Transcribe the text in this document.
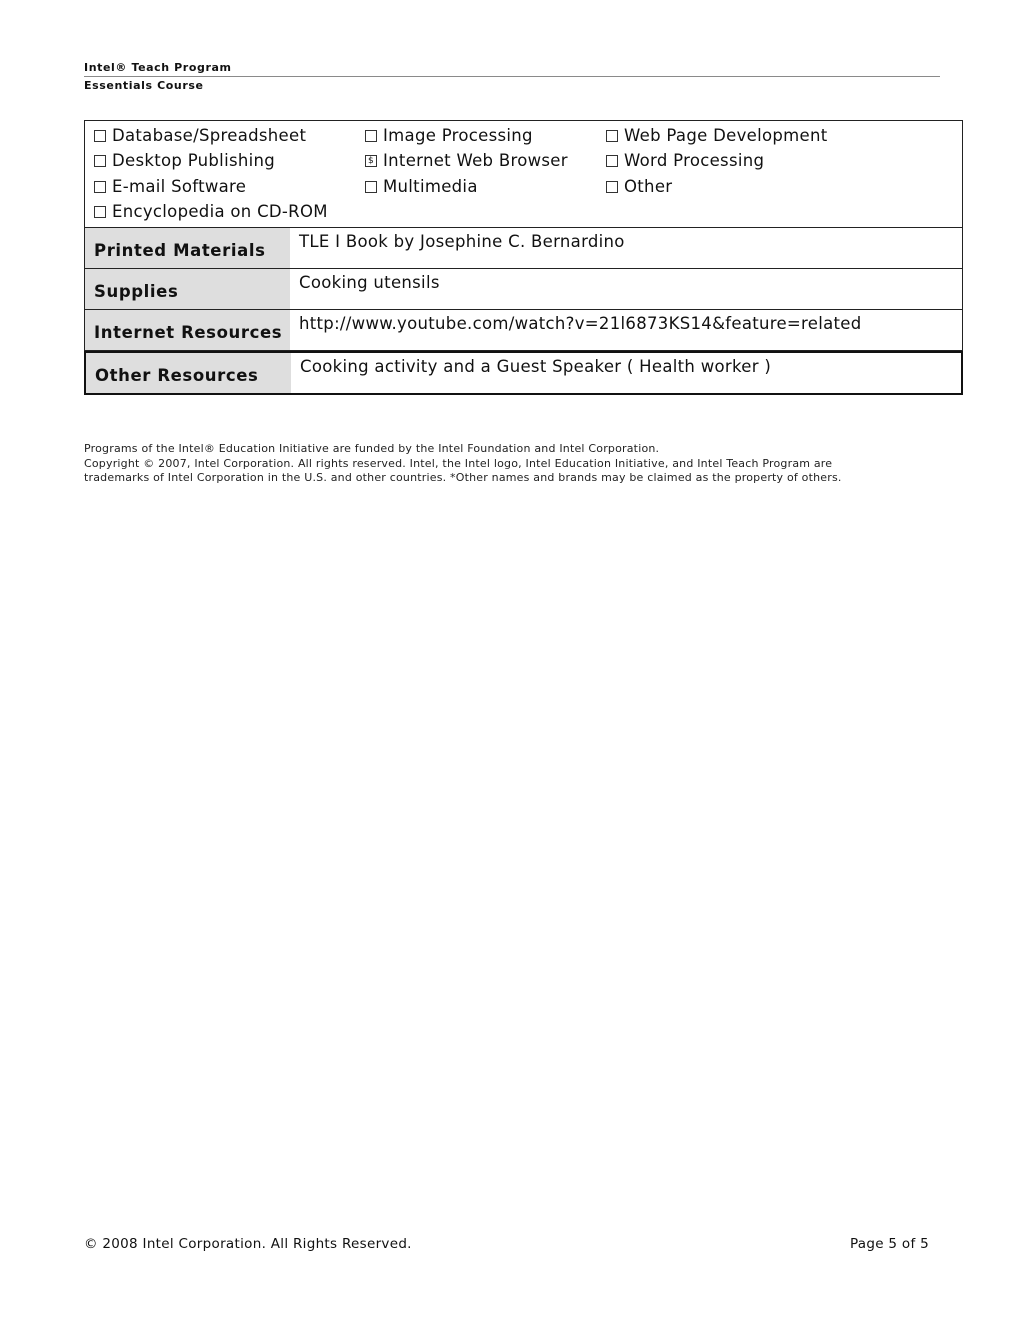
Intel® Teach Program
Essentials Course
Database/Spreadsheet
Desktop Publishing
E-mail Software
Encyclopedia on CD-ROM
Image Processing
$Internet Web Browser
Multimedia
Web Page Development
Word Processing
Other
Printed Materials	TLE I Book by Josephine C. Bernardino
Supplies	Cooking utensils
Internet Resources	http://www.youtube.com/watch?v=21l6873KS14&feature=related
Other Resources	Cooking activity and a Guest Speaker ( Health worker )
Programs of the Intel® Education Initiative are funded by the Intel Foundation and Intel Corporation.
Copyright © 2007, Intel Corporation. All rights reserved. Intel, the Intel logo, Intel Education Initiative, and Intel Teach Program are
trademarks of Intel Corporation in the U.S. and other countries. *Other names and brands may be claimed as the property of others.
© 2008 Intel Corporation. All Rights Reserved.	Page 5 of 5
